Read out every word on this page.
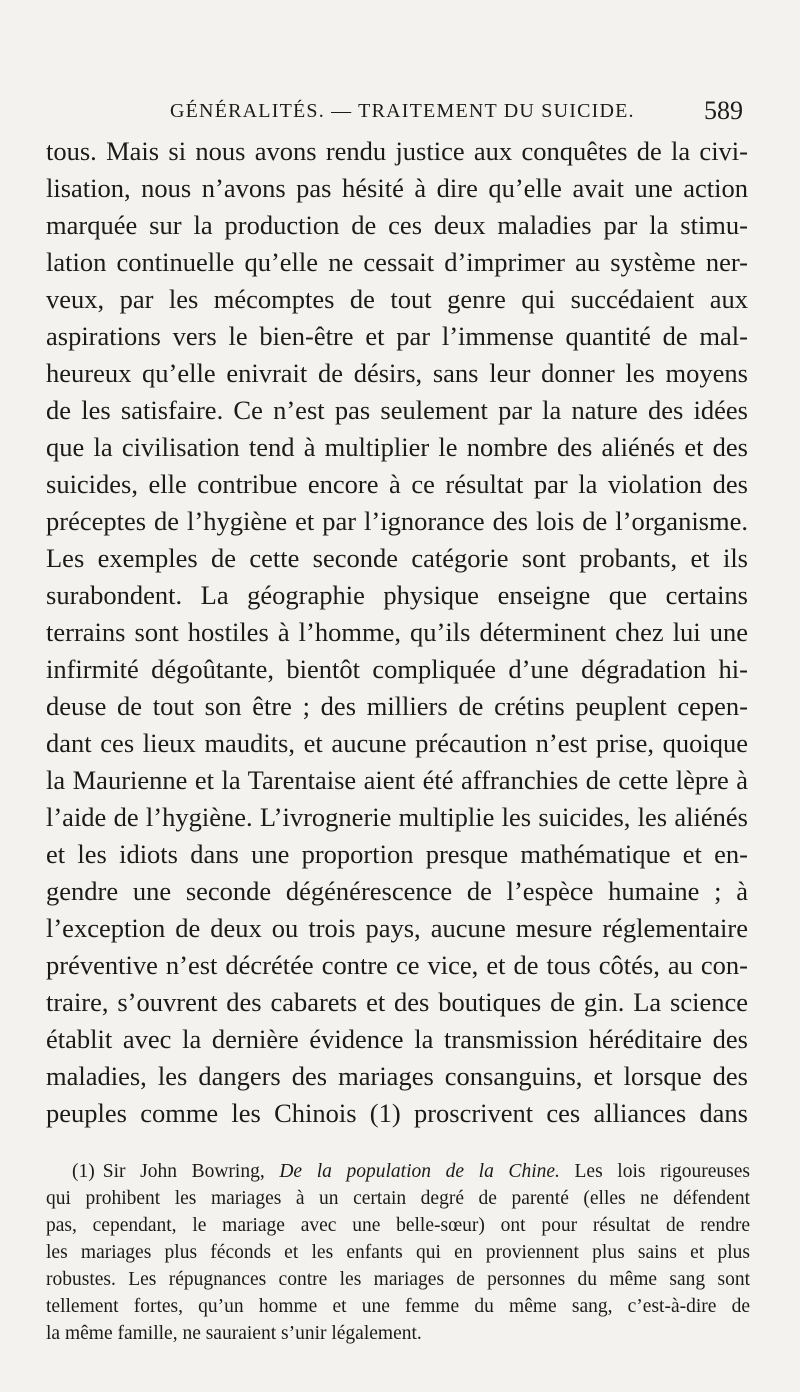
GÉNÉRALITÉS. — TRAITEMENT DU SUICIDE.	589
tous. Mais si nous avons rendu justice aux conquêtes de la civi-
lisation, nous n’avons pas hésité à dire qu’elle avait une action
marquée sur la production de ces deux maladies par la stimu-
lation continuelle qu’elle ne cessait d’imprimer au système ner-
veux, par les mécomptes de tout genre qui succédaient aux
aspirations vers le bien-être et par l’immense quantité de mal-
heureux qu’elle enivrait de désirs, sans leur donner les moyens
de les satisfaire. Ce n’est pas seulement par la nature des idées
que la civilisation tend à multiplier le nombre des aliénés et des
suicides, elle contribue encore à ce résultat par la violation des
préceptes de l’hygiène et par l’ignorance des lois de l’organisme.
Les exemples de cette seconde catégorie sont probants, et ils
surabondent. La géographie physique enseigne que certains
terrains sont hostiles à l’homme, qu’ils déterminent chez lui une
infirmité dégoûtante, bientôt compliquée d’une dégradation hi-
deuse de tout son être ; des milliers de crétins peuplent cepen-
dant ces lieux maudits, et aucune précaution n’est prise, quoique
la Maurienne et la Tarentaise aient été affranchies de cette lèpre à
l’aide de l’hygiène. L’ivrognerie multiplie les suicides, les aliénés
et les idiots dans une proportion presque mathématique et en-
gendre une seconde dégénérescence de l’espèce humaine ; à
l’exception de deux ou trois pays, aucune mesure réglementaire
préventive n’est décrétée contre ce vice, et de tous côtés, au con-
traire, s’ouvrent des cabarets et des boutiques de gin. La science
établit avec la dernière évidence la transmission héréditaire des
maladies, les dangers des mariages consanguins, et lorsque des
peuples comme les Chinois (1) proscrivent ces alliances dans
(1) Sir John Bowring, De la population de la Chine. Les lois rigoureuses
qui prohibent les mariages à un certain degré de parenté (elles ne défendent
pas, cependant, le mariage avec une belle-sœur) ont pour résultat de rendre
les mariages plus féconds et les enfants qui en proviennent plus sains et plus
robustes. Les répugnances contre les mariages de personnes du même sang sont
tellement fortes, qu’un homme et une femme du même sang, c’est-à-dire de
la même famille, ne sauraient s’unir légalement.
